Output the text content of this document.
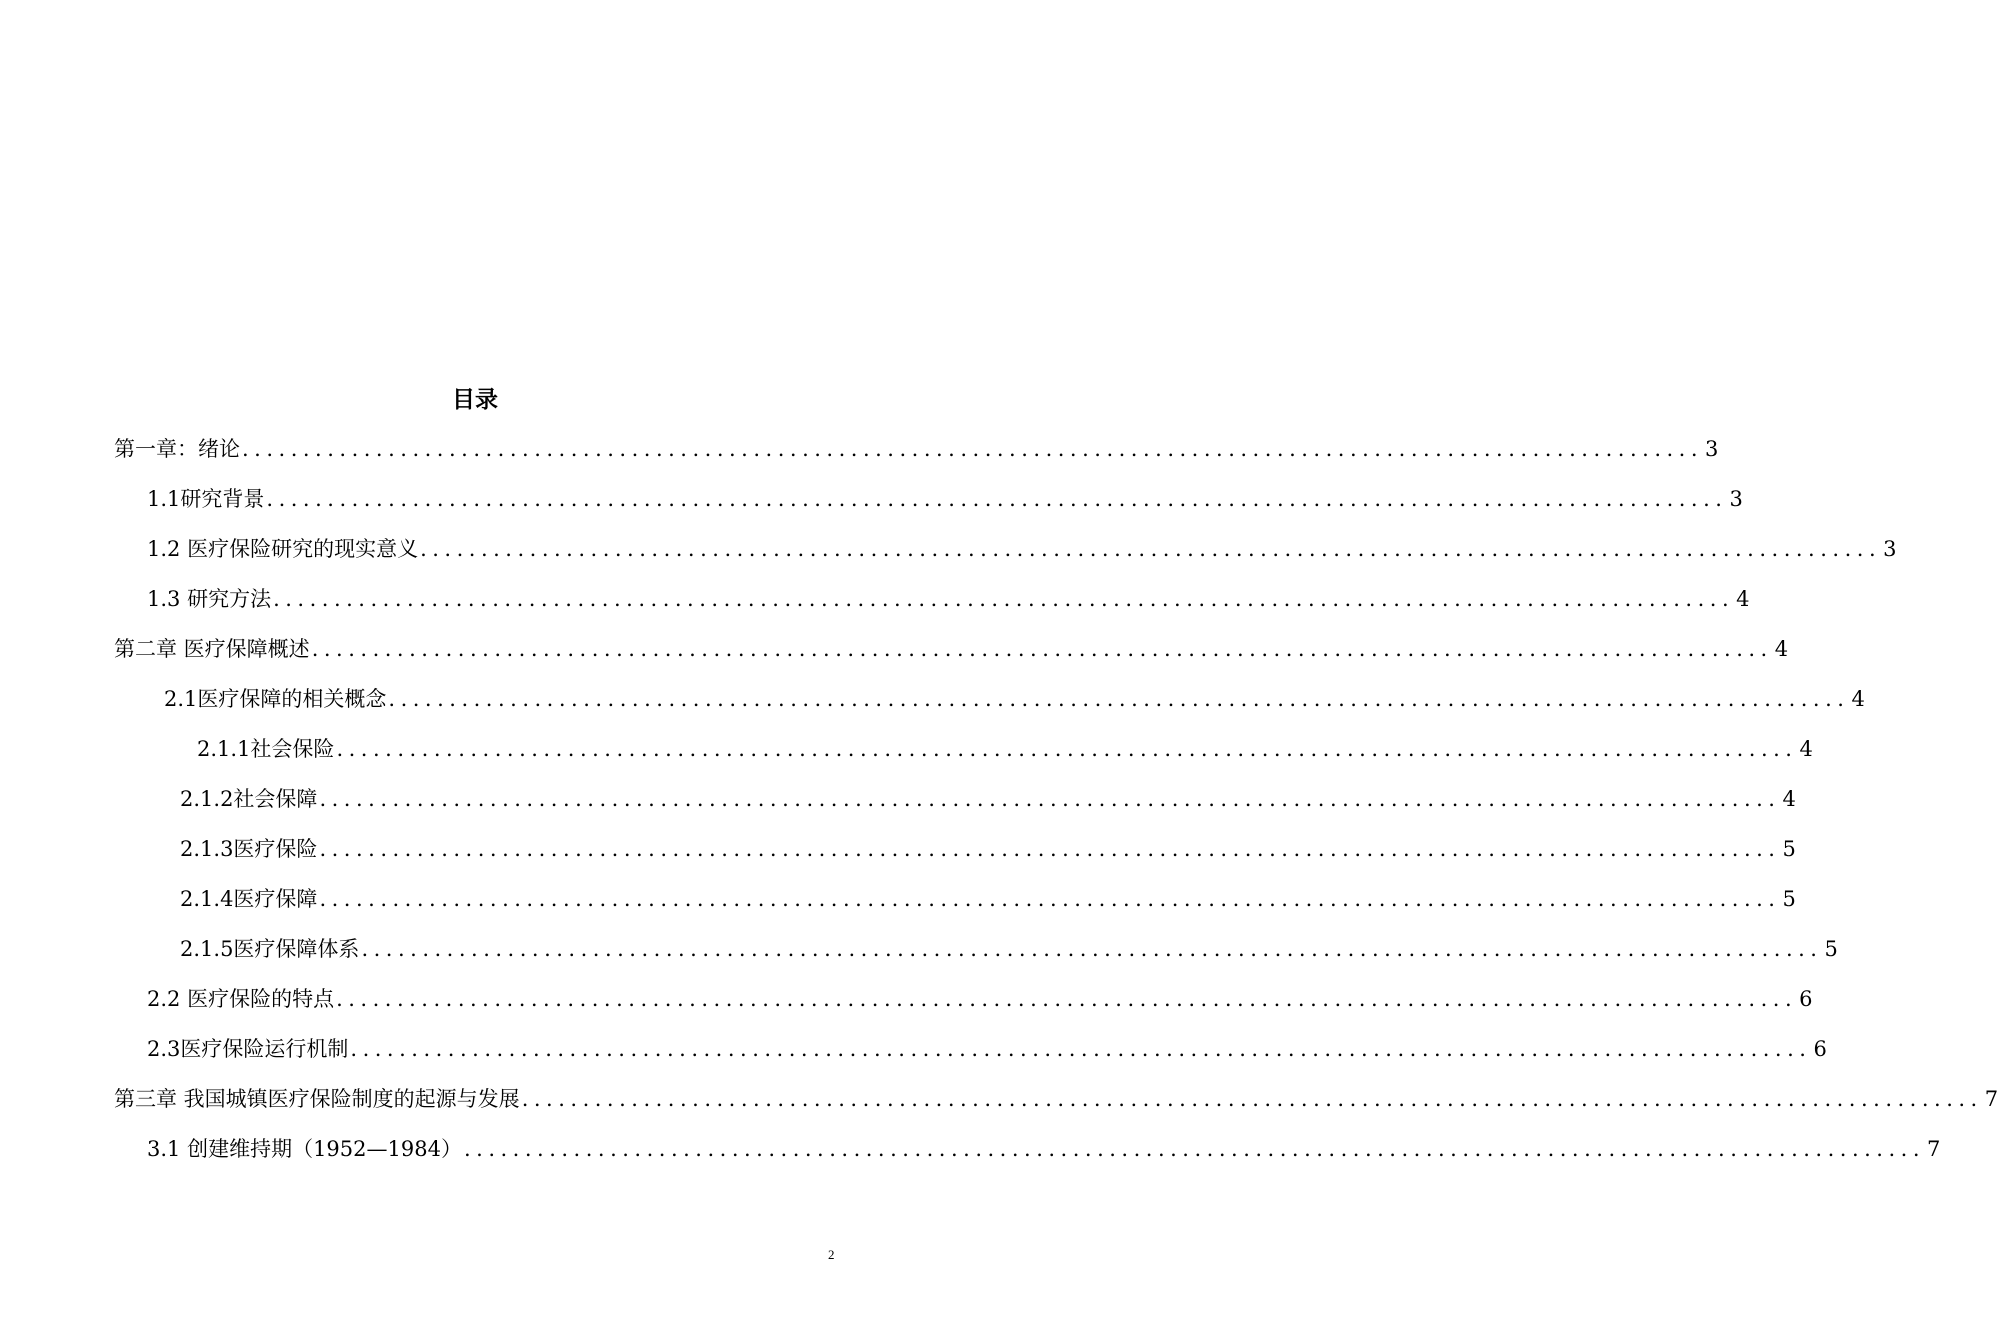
目录
第一章：绪论 ........................................................................................................................ 3
1.1研究背景 ........................................................................................................................ 3
1.2 医疗保险研究的现实意义 ........................................................................................................................ 3
1.3 研究方法 ........................................................................................................................ 4
第二章 医疗保障概述 ........................................................................................................................ 4
2.1医疗保障的相关概念 ........................................................................................................................ 4
2.1.1社会保险 ........................................................................................................................ 4
2.1.2社会保障 ........................................................................................................................ 4
2.1.3医疗保险 ........................................................................................................................ 5
2.1.4医疗保障 ........................................................................................................................ 5
2.1.5医疗保障体系 ........................................................................................................................ 5
2.2 医疗保险的特点 ........................................................................................................................ 6
2.3医疗保险运行机制 ........................................................................................................................ 6
第三章 我国城镇医疗保险制度的起源与发展 ........................................................................................................................ 7
3.1 创建维持期（1952—1984） ........................................................................................................................ 7
2
